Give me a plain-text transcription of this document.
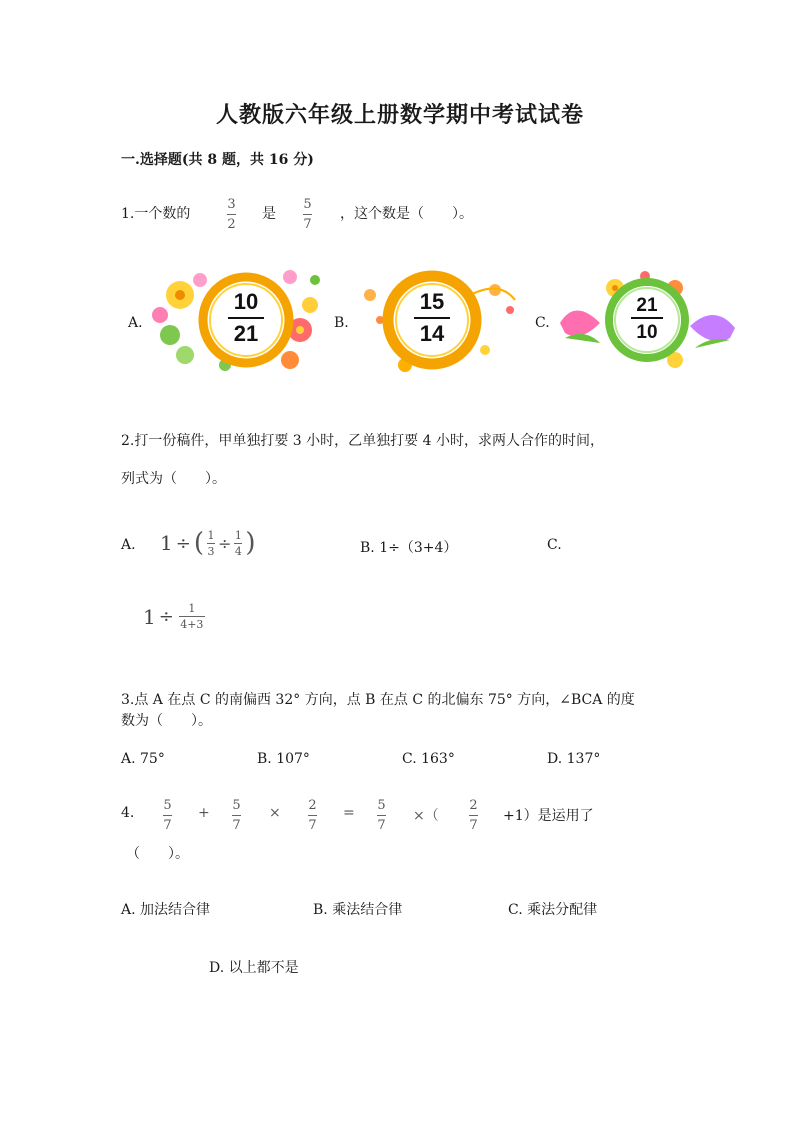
人教版六年级上册数学期中考试试卷
一.选择题(共 8 题，共 16 分)
1.一个数的
3
2
是
5
7
，这个数是（　　）。
A.
10
21	B.
15
14	C.
21
10
2.打一份稿件，甲单独打要 3 小时，乙单独打要 4 小时，求两人合作的时间，
列式为（　　）。
A. 1 ÷ ( $\frac{1}{3} \div \frac{1}{4}$ )	B. 1÷（3+4）	C.
$1 \div \frac{1}{4+3}$
3.点 A 在点 C 的南偏西 32° 方向，点 B 在点 C 的北偏东 75° 方向，∠BCA 的度
数为（　　）。
A. 75°	B. 107°	C. 163°	D. 137°
4. 5
7
+ 5
7
× 2
7
= 5
7
×（
2
7
+1）是运用了
（　　）。
A. 加法结合律	B. 乘法结合律	C. 乘法分配律
D. 以上都不是
